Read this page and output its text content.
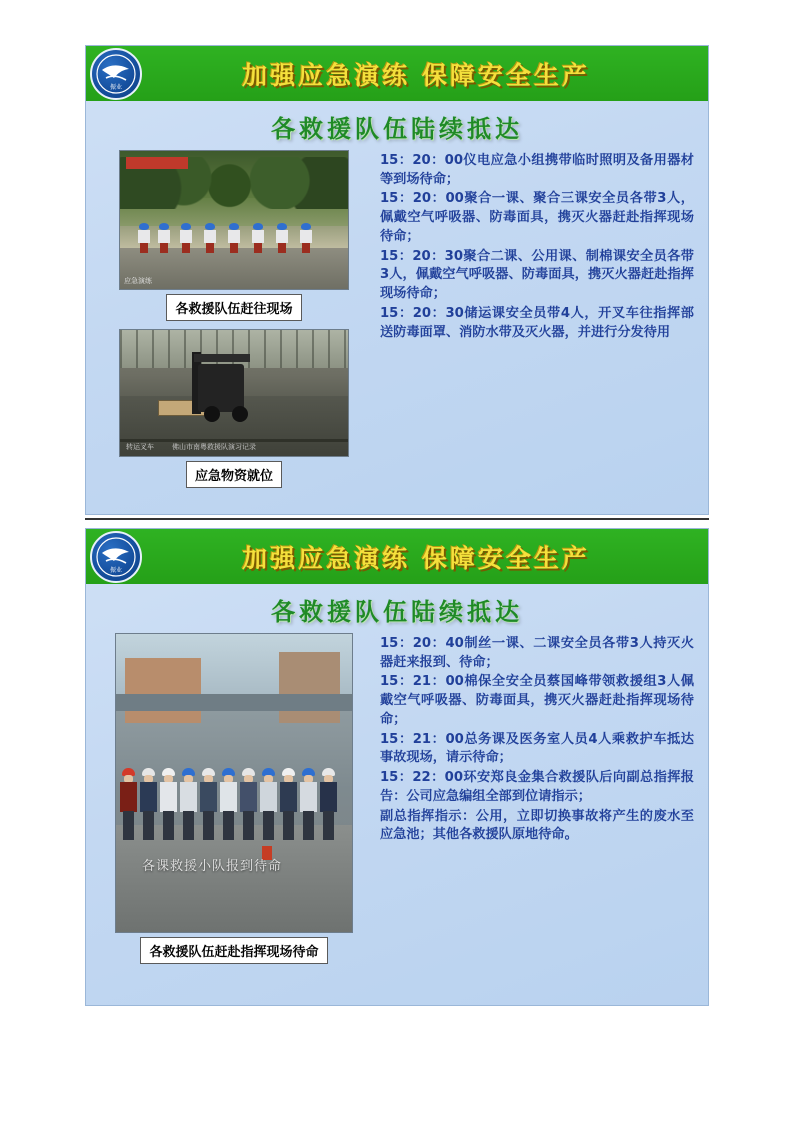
振业	加强应急演练 保障安全生产
各救援队伍陆续抵达
应急演练
各救援队伍赶往现场
转运叉车	佛山市南粤救援队演习记录
应急物资就位

15：20：00仪电应急小组携带临时照明及备用器材等到场待命；

15：20：00聚合一课、聚合三课安全员各带3人，佩戴空气呼吸器、防毒面具，携灭火器赶赴指挥现场待命；

15：20：30聚合二课、公用课、制棉课安全员各带3人，佩戴空气呼吸器、防毒面具，携灭火器赶赴指挥现场待命；

15：20：30储运课安全员带4人，开叉车往指挥部送防毒面罩、消防水带及灭火器，并进行分发待用

振业	加强应急演练 保障安全生产
各救援队伍陆续抵达
各课救援小队报到待命
各救援队伍赶赴指挥现场待命

15：20：40制丝一课、二课安全员各带3人持灭火器赶来报到、待命；

15：21：00棉保全安全员蔡国峰带领救援组3人佩戴空气呼吸器、防毒面具，携灭火器赶赴指挥现场待命；

15：21：00总务课及医务室人员4人乘救护车抵达事故现场，请示待命；

15：22：00环安郑良金集合救援队后向副总指挥报告：公司应急编组全部到位请指示；

副总指挥指示：公用，立即切换事故将产生的废水至应急池；其他各救援队原地待命。
